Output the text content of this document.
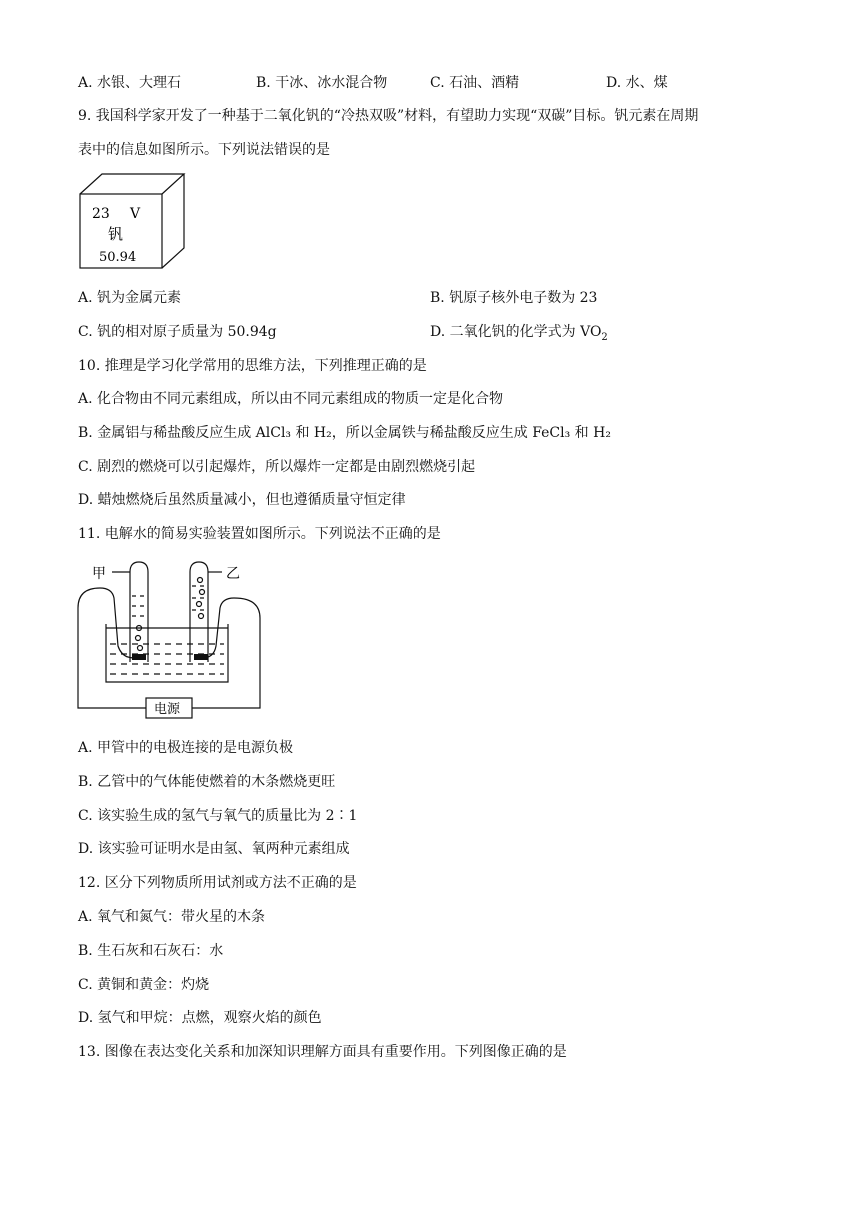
A. 水银、大理石	B. 干冰、冰水混合物	C. 石油、酒精	D. 水、煤
9. 我国科学家开发了一种基于二氧化钒的“冷热双吸”材料，有望助力实现“双碳”目标。钒元素在周期
表中的信息如图所示。下列说法错误的是
23 V
钒
50.94
A. 钒为金属元素	B. 钒原子核外电子数为 23
C. 钒的相对原子质量为 50.94g	D. 二氧化钒的化学式为 $VO_2$
10. 推理是学习化学常用的思维方法，下列推理正确的是
A. 化合物由不同元素组成，所以由不同元素组成的物质一定是化合物
B. 金属铝与稀盐酸反应生成 AlCl₃ 和 H₂，所以金属铁与稀盐酸反应生成 FeCl₃ 和 H₂
C. 剧烈的燃烧可以引起爆炸，所以爆炸一定都是由剧烈燃烧引起
D. 蜡烛燃烧后虽然质量减小，但也遵循质量守恒定律
11. 电解水的简易实验装置如图所示。下列说法不正确的是
电源
甲	乙
A. 甲管中的电极连接的是电源负极
B. 乙管中的气体能使燃着的木条燃烧更旺
C. 该实验生成的氢气与氧气的质量比为 2∶1
D. 该实验可证明水是由氢、氧两种元素组成
12. 区分下列物质所用试剂或方法不正确的是
A. 氧气和氮气：带火星的木条
B. 生石灰和石灰石：水
C. 黄铜和黄金：灼烧
D. 氢气和甲烷：点燃，观察火焰的颜色
13. 图像在表达变化关系和加深知识理解方面具有重要作用。下列图像正确的是
